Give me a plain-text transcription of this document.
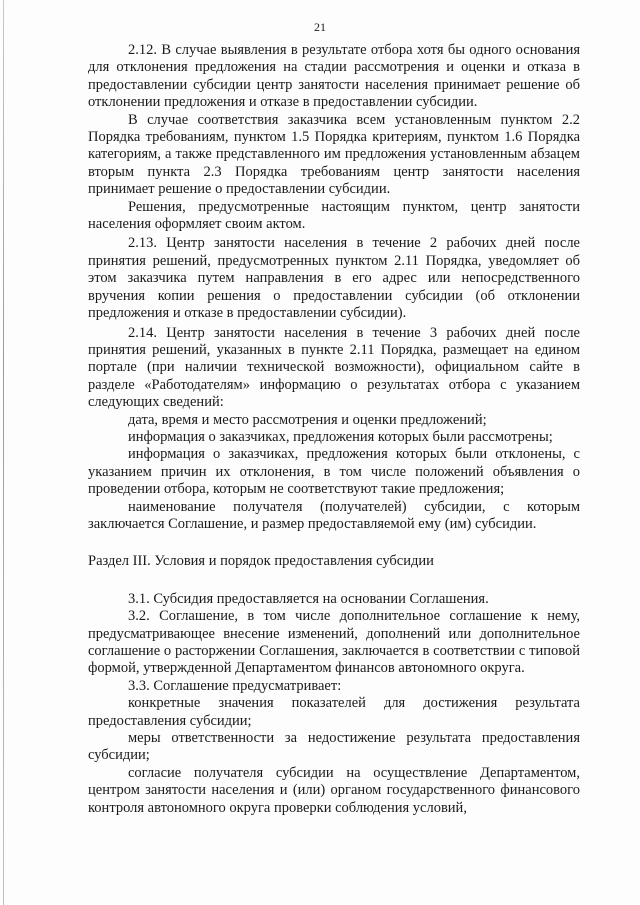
21

2.12. В случае выявления в результате отбора хотя бы одного основания для отклонения предложения на стадии рассмотрения и оценки и отказа в предоставлении субсидии центр занятости населения принимает решение об отклонении предложения и отказе в предоставлении субсидии.

В случае соответствия заказчика всем установленным пунктом 2.2 Порядка требованиям, пунктом 1.5 Порядка критериям, пунктом 1.6 Порядка категориям, а также представленного им предложения установленным абзацем вторым пункта 2.3 Порядка требованиям центр занятости населения принимает решение о предоставлении субсидии.

Решения, предусмотренные настоящим пунктом, центр занятости населения оформляет своим актом.

2.13. Центр занятости населения в течение 2 рабочих дней после принятия решений, предусмотренных пунктом 2.11 Порядка, уведомляет об этом заказчика путем направления в его адрес или непосредственного вручения копии решения о предоставлении субсидии (об отклонении предложения и отказе в предоставлении субсидии).

2.14. Центр занятости населения в течение 3 рабочих дней после принятия решений, указанных в пункте 2.11 Порядка, размещает на едином портале (при наличии технической возможности), официальном сайте в разделе «Работодателям» информацию о результатах отбора с указанием следующих сведений:

дата, время и место рассмотрения и оценки предложений;

информация о заказчиках, предложения которых были рассмотрены;

информация о заказчиках, предложения которых были отклонены, с указанием причин их отклонения, в том числе положений объявления о проведении отбора, которым не соответствуют такие предложения;

наименование получателя (получателей) субсидии, с которым заключается Соглашение, и размер предоставляемой ему (им) субсидии.

Раздел III. Условия и порядок предоставления субсидии

3.1. Субсидия предоставляется на основании Соглашения.

3.2. Соглашение, в том числе дополнительное соглашение к нему, предусматривающее внесение изменений, дополнений или дополнительное соглашение о расторжении Соглашения, заключается в соответствии с типовой формой, утвержденной Департаментом финансов автономного округа.

3.3. Соглашение предусматривает:

конкретные значения показателей для достижения результата предоставления субсидии;

меры ответственности за недостижение результата предоставления субсидии;

согласие получателя субсидии на осуществление Департаментом, центром занятости населения и (или) органом государственного финансового контроля автономного округа проверки соблюдения условий,
